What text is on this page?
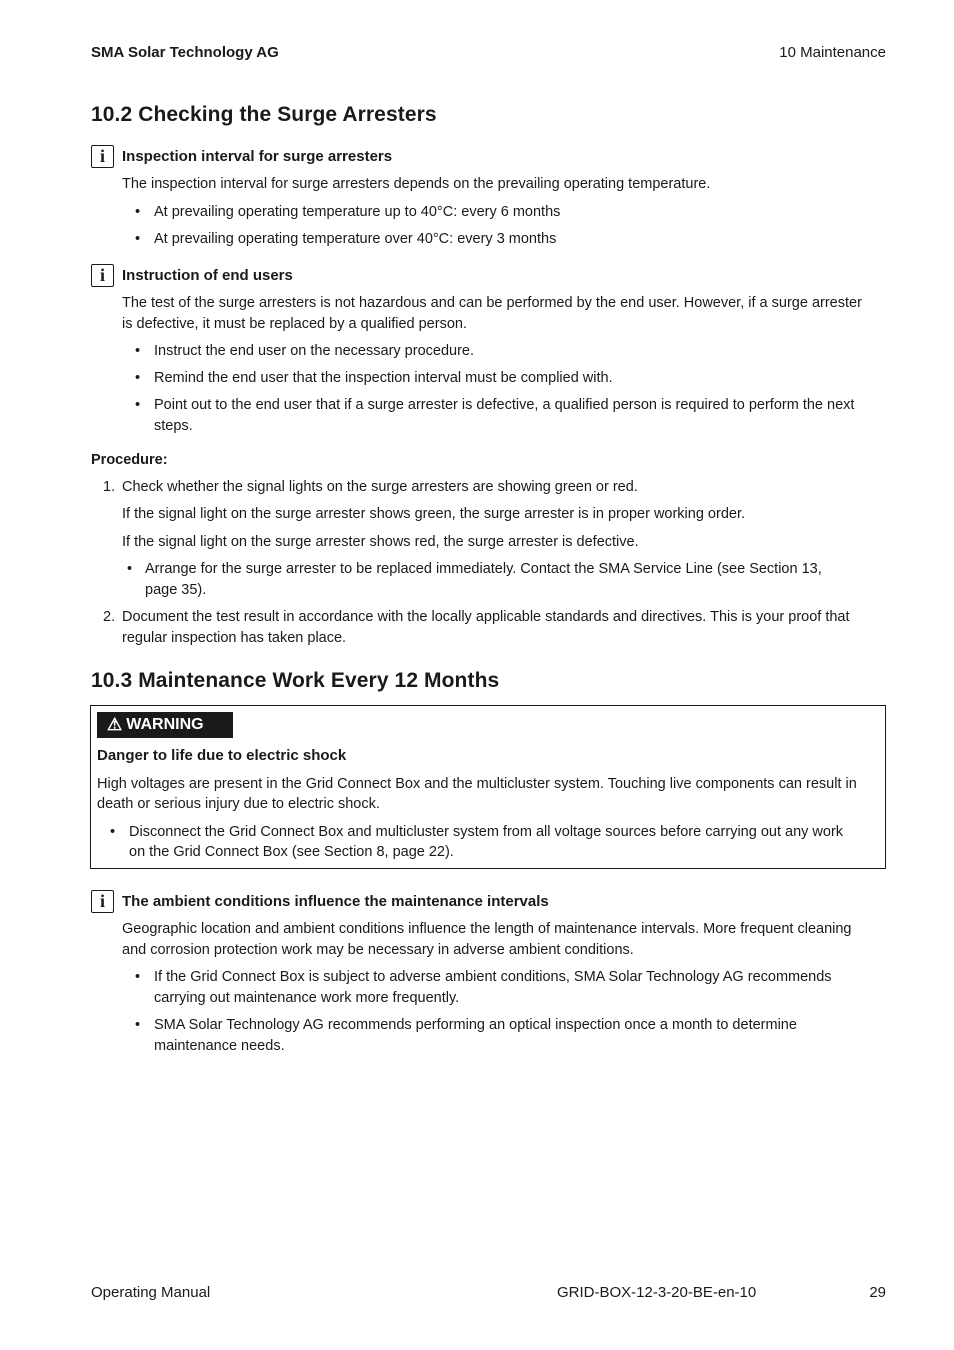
SMA Solar Technology AG	10 Maintenance
10.2 Checking the Surge Arresters
i	Inspection interval for surge arresters
The inspection interval for surge arresters depends on the prevailing operating temperature.
• At prevailing operating temperature up to 40°C: every 6 months
• At prevailing operating temperature over 40°C: every 3 months
i	Instruction of end users
The test of the surge arresters is not hazardous and can be performed by the end user. However, if a surge arrester
is defective, it must be replaced by a qualified person.
• Instruct the end user on the necessary procedure.
• Remind the end user that the inspection interval must be complied with.
• Point out to the end user that if a surge arrester is defective, a qualified person is required to perform the next
steps.
Procedure:
1. Check whether the signal lights on the surge arresters are showing green or red.
If the signal light on the surge arrester shows green, the surge arrester is in proper working order.
If the signal light on the surge arrester shows red, the surge arrester is defective.
• Arrange for the surge arrester to be replaced immediately. Contact the SMA Service Line (see Section 13,
page 35).
2. Document the test result in accordance with the locally applicable standards and directives. This is your proof that
regular inspection has taken place.
10.3 Maintenance Work Every 12 Months
⚠ WARNING
Danger to life due to electric shock
High voltages are present in the Grid Connect Box and the multicluster system. Touching live components can result in
death or serious injury due to electric shock.
• Disconnect the Grid Connect Box and multicluster system from all voltage sources before carrying out any work
on the Grid Connect Box (see Section 8, page 22).
i	The ambient conditions influence the maintenance intervals
Geographic location and ambient conditions influence the length of maintenance intervals. More frequent cleaning
and corrosion protection work may be necessary in adverse ambient conditions.
• If the Grid Connect Box is subject to adverse ambient conditions, SMA Solar Technology AG recommends
carrying out maintenance work more frequently.
• SMA Solar Technology AG recommends performing an optical inspection once a month to determine
maintenance needs.
Operating Manual	GRID-BOX-12-3-20-BE-en-10	29
